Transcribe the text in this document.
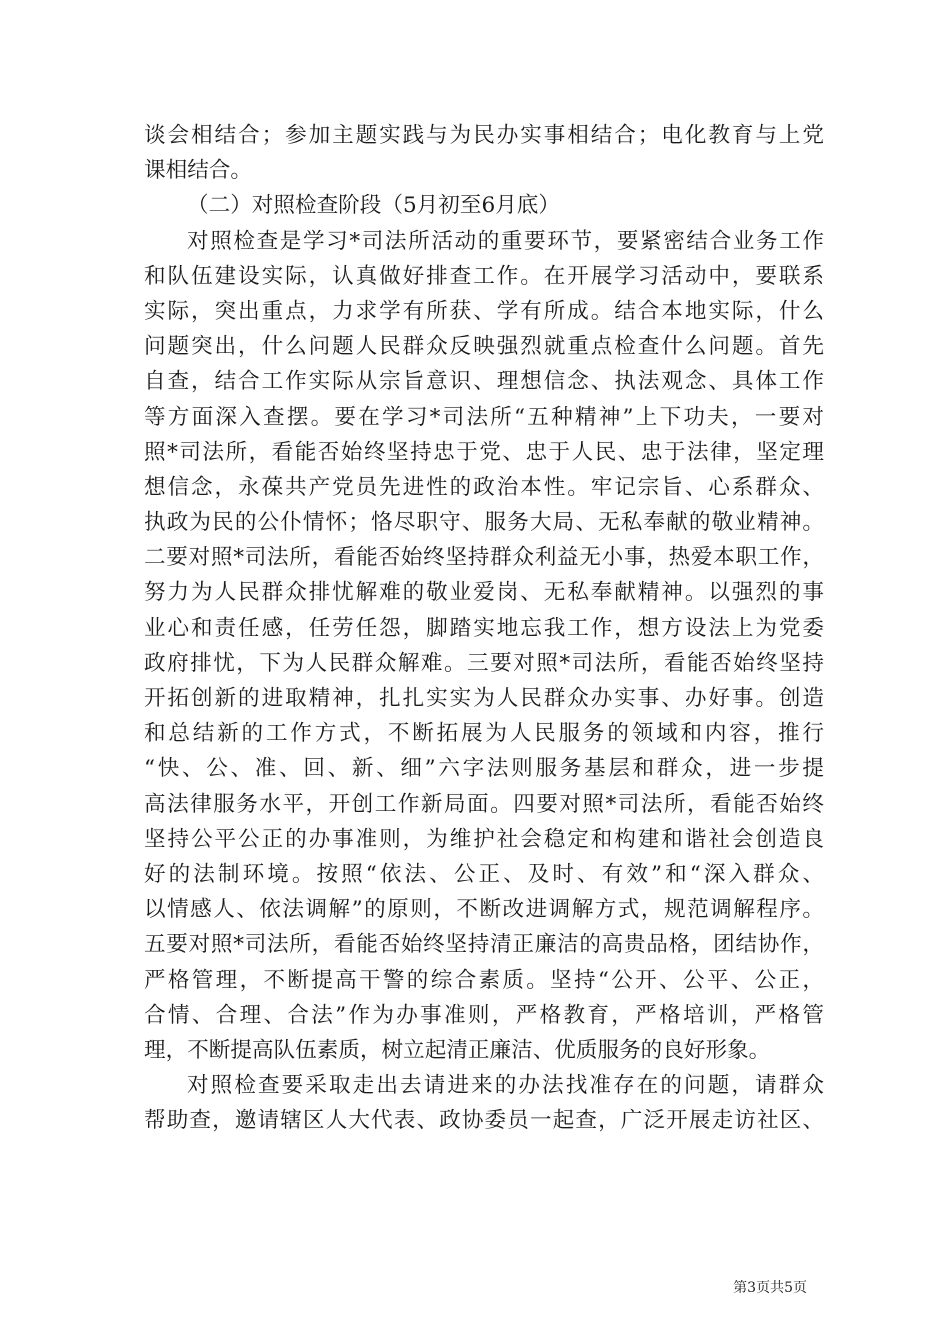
谈会相结合；参加主题实践与为民办实事相结合；电化教育与上党
课相结合。
（二）对照检查阶段（5月初至6月底）
对照检查是学习*司法所活动的重要环节，要紧密结合业务工作
和队伍建设实际，认真做好排查工作。在开展学习活动中，要联系
实际，突出重点，力求学有所获、学有所成。结合本地实际，什么
问题突出，什么问题人民群众反映强烈就重点检查什么问题。首先
自查，结合工作实际从宗旨意识、理想信念、执法观念、具体工作
等方面深入查摆。要在学习*司法所“五种精神”上下功夫，一要对
照*司法所，看能否始终坚持忠于党、忠于人民、忠于法律，坚定理
想信念，永葆共产党员先进性的政治本性。牢记宗旨、心系群众、
执政为民的公仆情怀；恪尽职守、服务大局、无私奉献的敬业精神。
二要对照*司法所，看能否始终坚持群众利益无小事，热爱本职工作，
努力为人民群众排忧解难的敬业爱岗、无私奉献精神。以强烈的事
业心和责任感，任劳任怨，脚踏实地忘我工作，想方设法上为党委
政府排忧，下为人民群众解难。三要对照*司法所，看能否始终坚持
开拓创新的进取精神，扎扎实实为人民群众办实事、办好事。创造
和总结新的工作方式，不断拓展为人民服务的领域和内容，推行
“快、公、准、回、新、细”六字法则服务基层和群众，进一步提
高法律服务水平，开创工作新局面。四要对照*司法所，看能否始终
坚持公平公正的办事准则，为维护社会稳定和构建和谐社会创造良
好的法制环境。按照“依法、公正、及时、有效”和“深入群众、
以情感人、依法调解”的原则，不断改进调解方式，规范调解程序。
五要对照*司法所，看能否始终坚持清正廉洁的高贵品格，团结协作，
严格管理，不断提高干警的综合素质。坚持“公开、公平、公正，
合情、合理、合法”作为办事准则，严格教育，严格培训，严格管
理，不断提高队伍素质，树立起清正廉洁、优质服务的良好形象。
对照检查要采取走出去请进来的办法找准存在的问题，请群众
帮助查，邀请辖区人大代表、政协委员一起查，广泛开展走访社区、
第3页共5页
